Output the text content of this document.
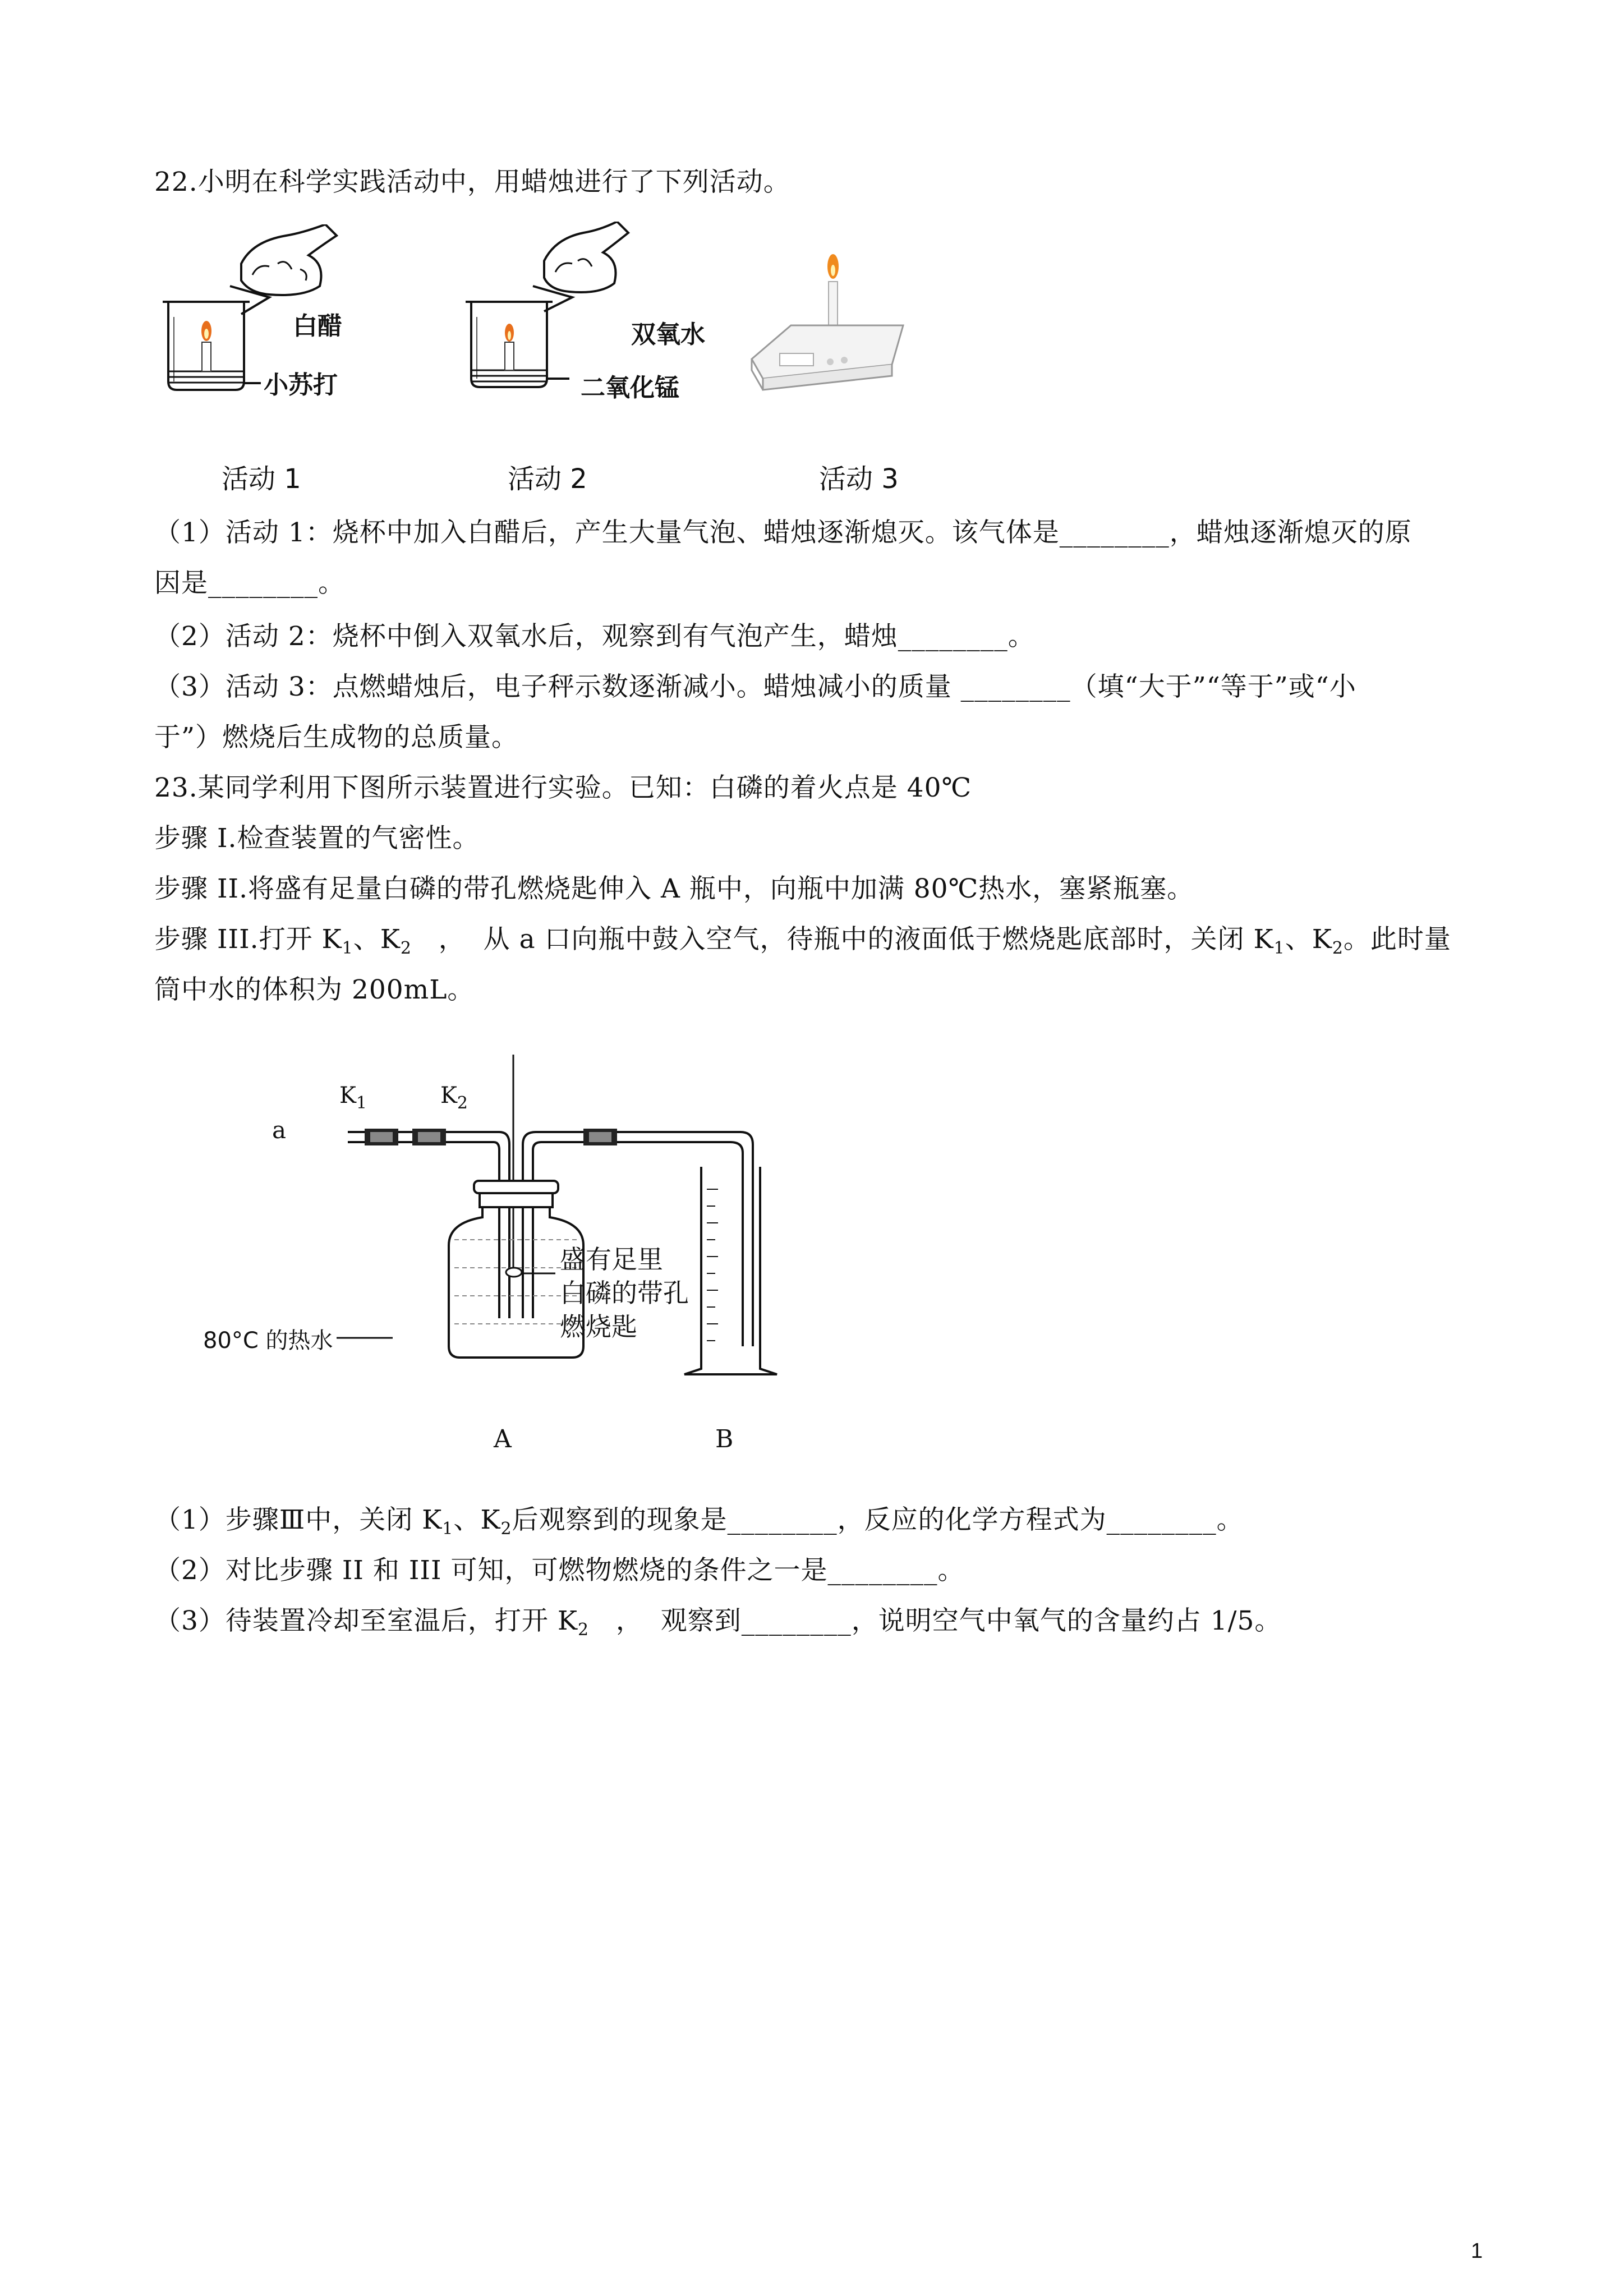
22.小明在科学实践活动中，用蜡烛进行了下列活动。
白醋
小苏打
双氧水
二氧化锰
活动 1	活动 2	活动 3
（1）活动 1：烧杯中加入白醋后，产生大量气泡、蜡烛逐渐熄灭。该气体是________，蜡烛逐渐熄灭的原
因是________。
（2）活动 2：烧杯中倒入双氧水后，观察到有气泡产生，蜡烛________。
（3）活动 3：点燃蜡烛后，电子秤示数逐渐减小。蜡烛减小的质量 ________（填“大于”“等于”或“小
于”）燃烧后生成物的总质量。
23.某同学利用下图所示装置进行实验。已知：白磷的着火点是 40℃
步骤 I.检查装置的气密性。
步骤 II.将盛有足量白磷的带孔燃烧匙伸入 A 瓶中，向瓶中加满 80℃热水，塞紧瓶塞。
步骤 III.打开 $K_1$、$K_2$   ，  从 a 口向瓶中鼓入空气，待瓶中的液面低于燃烧匙底部时，关闭 $K_1$、$K_2$。此时量
筒中水的体积为 200mL。
a
$K_1$	$K_2$
盛有足里
白磷的带孔
燃烧匙
80°C 的热水
A	B
（1）步骤Ⅲ中，关闭 $K_1$、$K_2$后观察到的现象是________，反应的化学方程式为________。
（2）对比步骤 II 和 III 可知，可燃物燃烧的条件之一是________。
（3）待装置冷却至室温后，打开 $K_2$   ，  观察到________，说明空气中氧气的含量约占 1/5。
1
